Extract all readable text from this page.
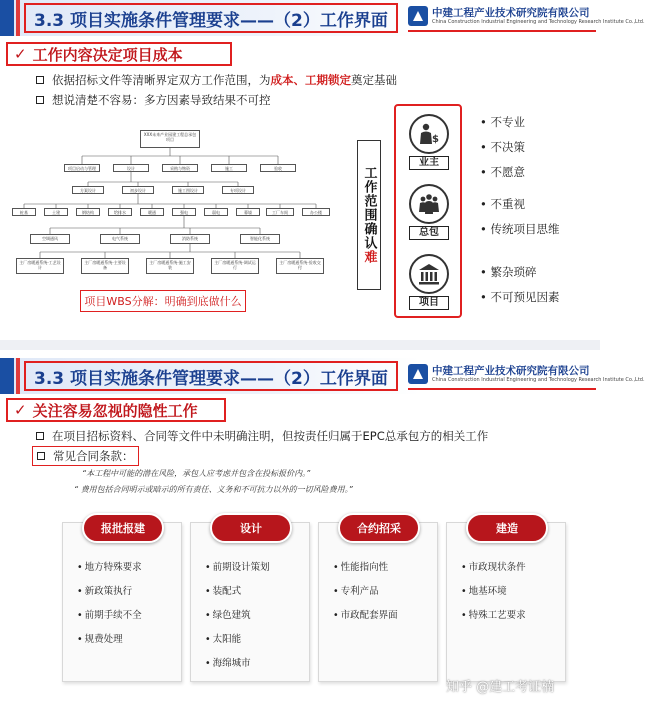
3.3 项目实施条件管理要求——（2）工作界面	中建工程产业技术研究院有限公司
China Construction Industrial Engineering and Technology Research Institute Co.,Ltd.
✓ 工作内容决定项目成本
依据招标文件等清晰界定双方工作范围，为 成本、工期锁定 奠定基础
想说清楚不容易：多方因素导致结果不可控
XXX未来产业园建工程总承包项目
项目启动与管理	设计	采购与物资	施工	验收
方案设计	初步设计	施工图设计	专项设计
桩基	土建	钢结构	给排水	暖通	强电	弱电	幕墙	工厂车间	办公楼
空调通风	电气系统	消防系统	智能化系统
主厂房暖通系统-工艺设计
主厂房暖通系统-主要设备
主厂房暖通系统-施工安装
主厂房暖通系统-调试运行
主厂房暖通系统-验收交付
项目WBS分解：明确到底做什么
工作范围确认
难
$
业主
总包
项目
• 不专业
• 不决策
• 不愿意
• 不重视
• 传统项目思维
• 繁杂琐碎
• 不可预见因素
3.3 项目实施条件管理要求——（2）工作界面	中建工程产业技术研究院有限公司
China Construction Industrial Engineering and Technology Research Institute Co.,Ltd.
✓ 关注容易忽视的隐性工作
在项目招标资料、合同等文件中未明确注明，但按责任归属于EPC总承包方的相关工作
常见合同条款：
“本工程中可能的潜在风险，承包人应考虑并包含在投标报价内。”
“ 费用包括合同明示或暗示的所有责任、义务和不可抗力以外的一切风险费用。”
报批报建
• 地方特殊要求
• 新政策执行
• 前期手续不全
• 规费处理
设计
• 前期设计策划
• 装配式
• 绿色建筑
• 太阳能
• 海绵城市
合约招采
• 性能指向性
• 专利产品
• 市政配套界面
建造
• 市政现状条件
• 地基环境
• 特殊工艺要求
知乎 @建工考证楠
